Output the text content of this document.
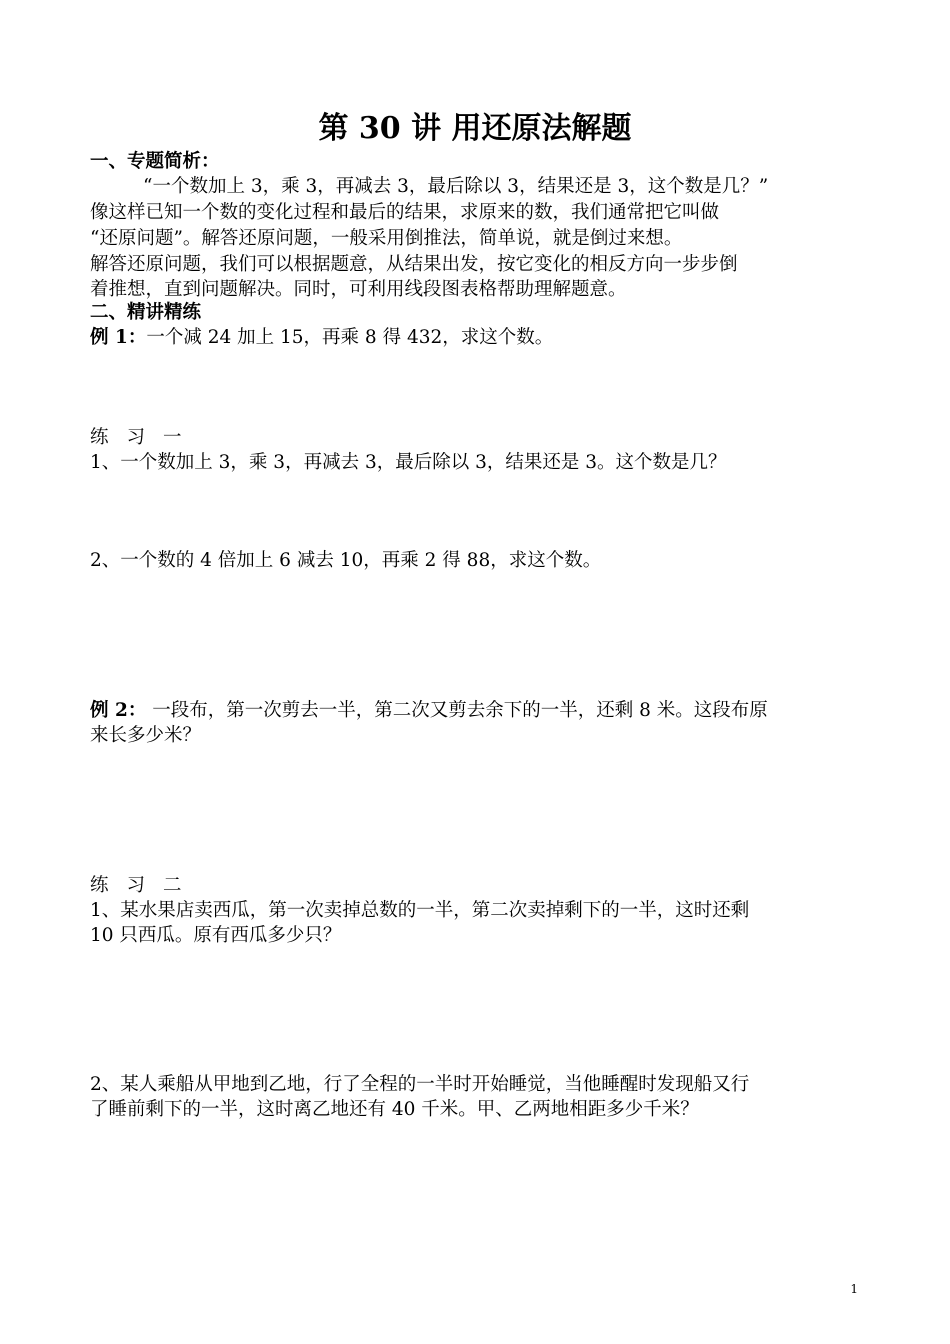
第 30 讲 用还原法解题
一、专题简析：
“一个数加上 3，乘 3，再减去 3，最后除以 3，结果还是 3，这个数是几？”
像这样已知一个数的变化过程和最后的结果，求原来的数，我们通常把它叫做
“还原问题”。解答还原问题，一般采用倒推法，简单说，就是倒过来想。
解答还原问题，我们可以根据题意，从结果出发，按它变化的相反方向一步步倒
着推想，直到问题解决。同时，可利用线段图表格帮助理解题意。
二、精讲精练
例 1：一个减 24 加上 15，再乘 8 得 432，求这个数。
练习一
1、一个数加上 3，乘 3，再减去 3，最后除以 3，结果还是 3。这个数是几？
2、一个数的 4 倍加上 6 减去 10，再乘 2 得 88，求这个数。
例 2： 一段布，第一次剪去一半，第二次又剪去余下的一半，还剩 8 米。这段布原
来长多少米？
练习二
1、某水果店卖西瓜，第一次卖掉总数的一半，第二次卖掉剩下的一半，这时还剩
10 只西瓜。原有西瓜多少只？
2、某人乘船从甲地到乙地，行了全程的一半时开始睡觉，当他睡醒时发现船又行
了睡前剩下的一半，这时离乙地还有 40 千米。甲、乙两地相距多少千米？
1
